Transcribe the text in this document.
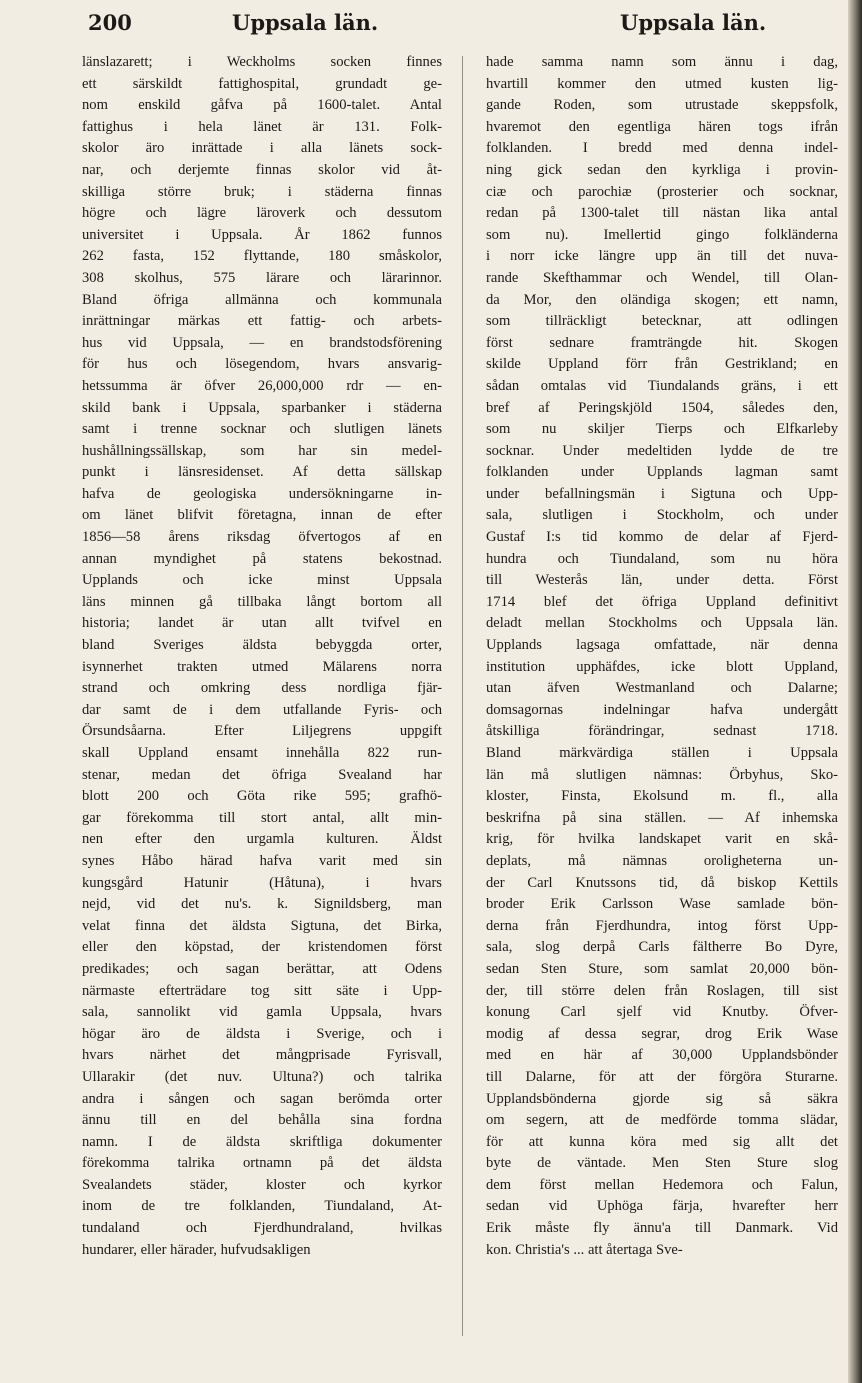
200	Uppsala län.	Uppsala län.
länslazarett; i Weckholms socken finnes
ett särskildt fattighospital, grundadt ge-
nom enskild gåfva på 1600-talet. Antal
fattighus i hela länet är 131. Folk-
skolor äro inrättade i alla länets sock-
nar, och derjemte finnas skolor vid åt-
skilliga större bruk; i städerna finnas
högre och lägre läroverk och dessutom
universitet i Uppsala. År 1862 funnos
262 fasta, 152 flyttande, 180 småskolor,
308 skolhus, 575 lärare och lärarinnor.
Bland öfriga allmänna och kommunala
inrättningar märkas ett fattig- och arbets-
hus vid Uppsala, — en brandstodsförening
för hus och lösegendom, hvars ansvarig-
hetssumma är öfver 26,000,000 rdr — en-
skild bank i Uppsala, sparbanker i städerna
samt i trenne socknar och slutligen länets
hushållningssällskap, som har sin medel-
punkt i länsresidenset. Af detta sällskap
hafva de geologiska undersökningarne in-
om länet blifvit företagna, innan de efter
1856—58 årens riksdag öfvertogos af en
annan myndighet på statens bekostnad.
Upplands och icke minst Uppsala
läns minnen gå tillbaka långt bortom all
historia; landet är utan allt tvifvel en
bland Sveriges äldsta bebyggda orter,
isynnerhet trakten utmed Mälarens norra
strand och omkring dess nordliga fjär-
dar samt de i dem utfallande Fyris- och
Örsundsåarna. Efter Liljegrens uppgift
skall Uppland ensamt innehålla 822 run-
stenar, medan det öfriga Svealand har
blott 200 och Göta rike 595; grafhö-
gar förekomma till stort antal, allt min-
nen efter den urgamla kulturen. Äldst
synes Håbo härad hafva varit med sin
kungsgård Hatunir (Håtuna), i hvars
nejd, vid det nu's. k. Signildsberg, man
velat finna det äldsta Sigtuna, det Birka,
eller den köpstad, der kristendomen först
predikades; och sagan berättar, att Odens
närmaste efterträdare tog sitt säte i Upp-
sala, sannolikt vid gamla Uppsala, hvars
högar äro de äldsta i Sverige, och i
hvars närhet det mångprisade Fyrisvall,
Ullarakir (det nuv. Ultuna?) och talrika
andra i sången och sagan berömda orter
ännu till en del behålla sina fordna
namn. I de äldsta skriftliga dokumenter
förekomma talrika ortnamn på det äldsta
Svealandets städer, kloster och kyrkor
inom de tre folklanden, Tiundaland, At-
tundaland och Fjerdhundraland, hvilkas
hundarer, eller härader, hufvudsakligen
hade samma namn som ännu i dag,
hvartill kommer den utmed kusten lig-
gande Roden, som utrustade skeppsfolk,
hvaremot den egentliga hären togs ifrån
folklanden. I bredd med denna indel-
ning gick sedan den kyrkliga i provin-
ciæ och parochiæ (prosterier och socknar,
redan på 1300-talet till nästan lika antal
som nu). Imellertid gingo folkländerna
i norr icke längre upp än till det nuva-
rande Skefthammar och Wendel, till Olan-
da Mor, den oländiga skogen; ett namn,
som tillräckligt betecknar, att odlingen
först sednare framträngde hit. Skogen
skilde Uppland förr från Gestrikland; en
sådan omtalas vid Tiundalands gräns, i ett
bref af Peringskjöld 1504, således den,
som nu skiljer Tierps och Elfkarleby
socknar. Under medeltiden lydde de tre
folklanden under Upplands lagman samt
under befallningsmän i Sigtuna och Upp-
sala, slutligen i Stockholm, och under
Gustaf I:s tid kommo de delar af Fjerd-
hundra och Tiundaland, som nu höra
till Westerås län, under detta. Först
1714 blef det öfriga Uppland definitivt
deladt mellan Stockholms och Uppsala län.
Upplands lagsaga omfattade, när denna
institution upphäfdes, icke blott Uppland,
utan äfven Westmanland och Dalarne;
domsagornas indelningar hafva undergått
åtskilliga förändringar, sednast 1718.
Bland märkvärdiga ställen i Uppsala
län må slutligen nämnas: Örbyhus, Sko-
kloster, Finsta, Ekolsund m. fl., alla
beskrifna på sina ställen. — Af inhemska
krig, för hvilka landskapet varit en skå-
deplats, må nämnas oroligheterna un-
der Carl Knutssons tid, då biskop Kettils
broder Erik Carlsson Wase samlade bön-
derna från Fjerdhundra, intog först Upp-
sala, slog derpå Carls fältherre Bo Dyre,
sedan Sten Sture, som samlat 20,000 bön-
der, till större delen från Roslagen, till sist
konung Carl sjelf vid Knutby. Öfver-
modig af dessa segrar, drog Erik Wase
med en här af 30,000 Upplandsbönder
till Dalarne, för att der förgöra Sturarne.
Upplandsbönderna gjorde sig så säkra
om segern, att de medförde tomma slädar,
för att kunna köra med sig allt det
byte de väntade. Men Sten Sture slog
dem först mellan Hedemora och Falun,
sedan vid Uphöga färja, hvarefter herr
Erik måste fly ännu'a till Danmark. Vid
kon. Christia's ... att återtaga Sve-
